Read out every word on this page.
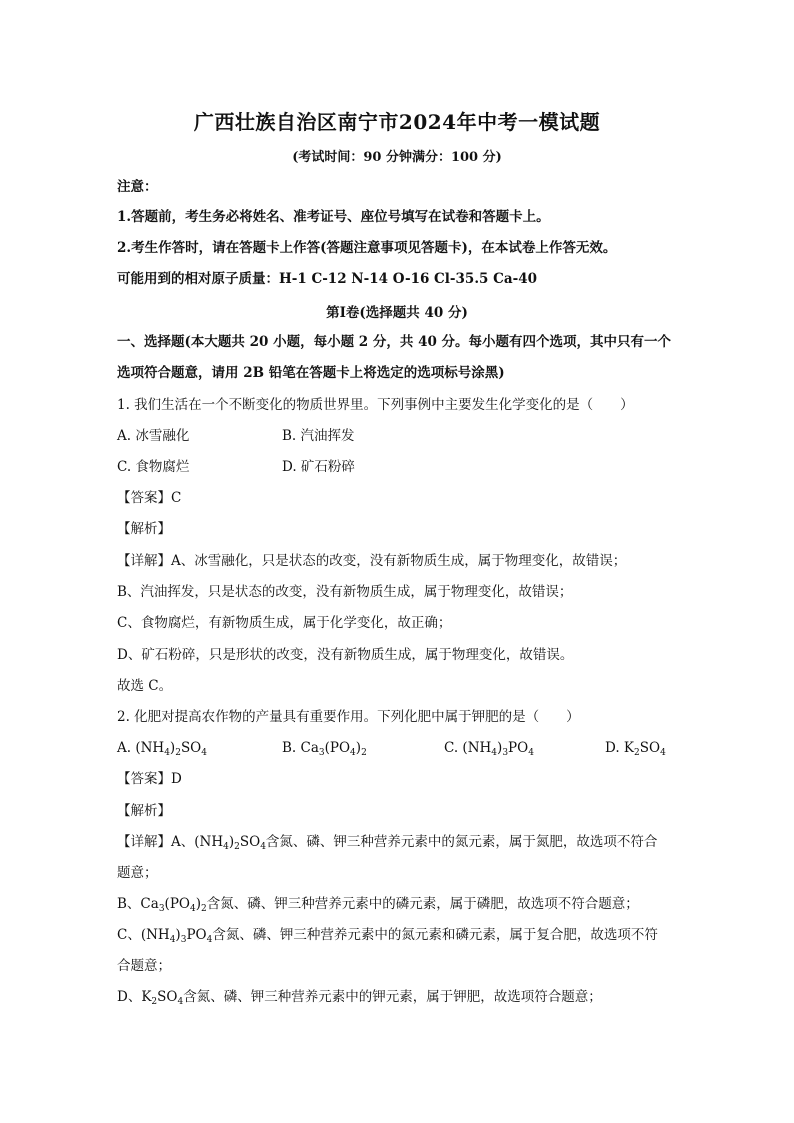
广西壮族自治区南宁市2024年中考一模试题
(考试时间：90 分钟满分：100 分)
注意：
1.答题前，考生务必将姓名、准考证号、座位号填写在试卷和答题卡上。
2.考生作答时，请在答题卡上作答(答题注意事项见答题卡)，在本试卷上作答无效。
可能用到的相对原子质量：H-1 C-12 N-14 O-16 Cl-35.5 Ca-40
第Ⅰ卷(选择题共 40 分)
一、选择题(本大题共 20 小题，每小题 2 分，共 40 分。每小题有四个选项，其中只有一个
选项符合题意，请用 2B 铅笔在答题卡上将选定的选项标号涂黑)
1. 我们生活在一个不断变化的物质世界里。下列事例中主要发生化学变化的是（　　）
A. 冰雪融化	B. 汽油挥发
C. 食物腐烂	D. 矿石粉碎
【答案】C
【解析】
【详解】A、冰雪融化，只是状态的改变，没有新物质生成，属于物理变化，故错误；
B、汽油挥发，只是状态的改变，没有新物质生成，属于物理变化，故错误；
C、食物腐烂，有新物质生成，属于化学变化，故正确；
D、矿石粉碎，只是形状的改变，没有新物质生成，属于物理变化，故错误。
故选 C。
2. 化肥对提高农作物的产量具有重要作用。下列化肥中属于钾肥的是（　　）
A. $(NH_4)_2SO_4$	B. $Ca_3(PO_4)_2$	C. $(NH_4)_3PO_4$	D. $K_2SO_4$
【答案】D
【解析】
【详解】A、$(NH_4)_2SO_4$含氮、磷、钾三种营养元素中的氮元素，属于氮肥，故选项不符合
题意；
B、$Ca_3(PO_4)_2$含氮、磷、钾三种营养元素中的磷元素，属于磷肥，故选项不符合题意；
C、$(NH_4)_3PO_4$含氮、磷、钾三种营养元素中的氮元素和磷元素，属于复合肥，故选项不符
合题意；
D、$K_2SO_4$含氮、磷、钾三种营养元素中的钾元素，属于钾肥，故选项符合题意；
